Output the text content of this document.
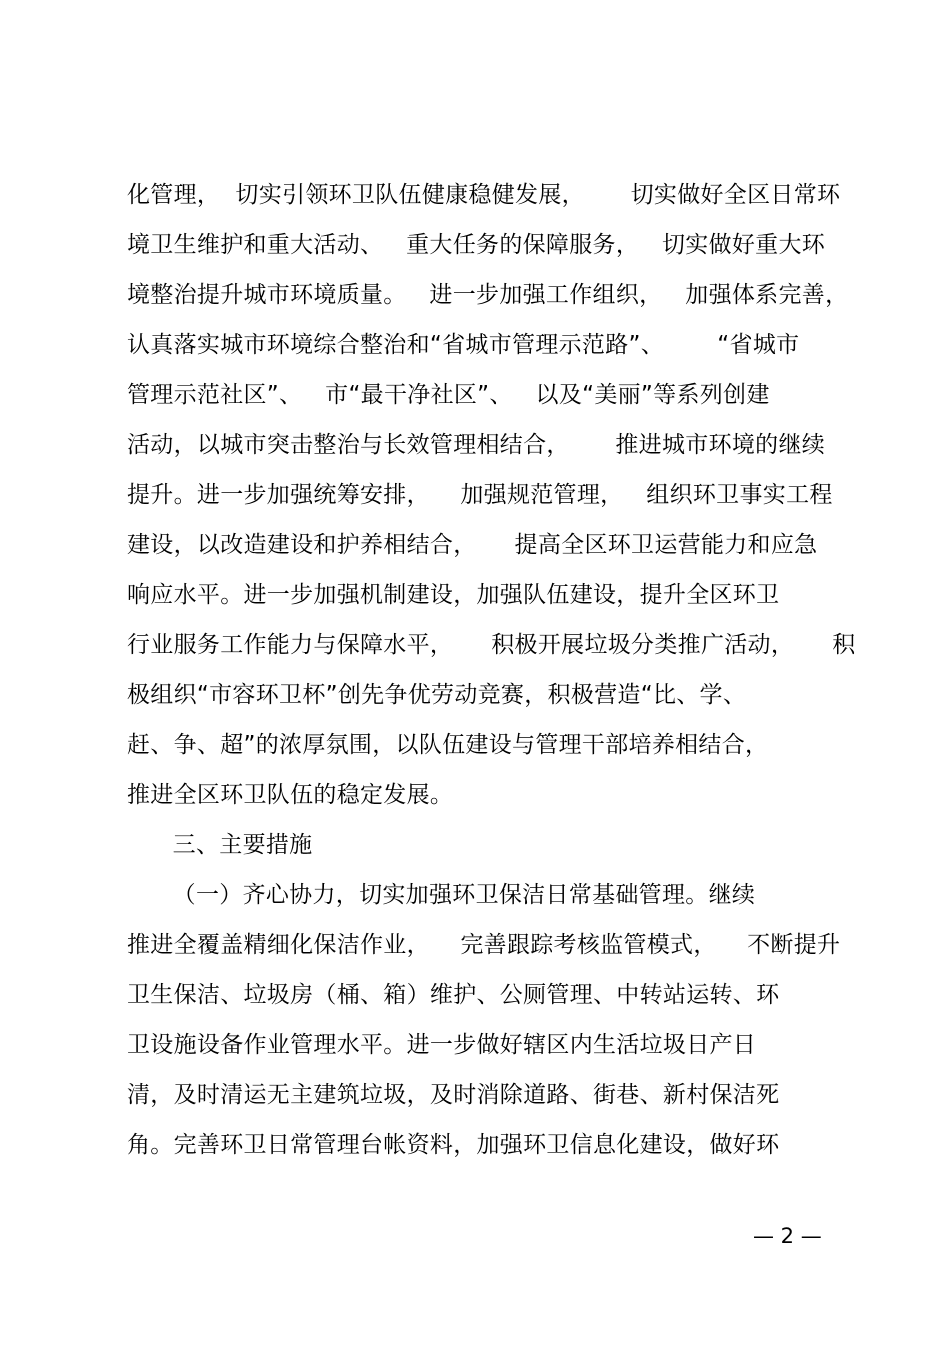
化管理，  切实引领环卫队伍健康稳健发展，      切实做好全区日常环
境卫生维护和重大活动、   重大任务的保障服务，   切实做好重大环
境整治提升城市环境质量。   进一步加强工作组织，   加强体系完善，
认真落实城市环境综合整治和“省城市管理示范路”、       “省城市
管理示范社区”、   市“最干净社区”、   以及“美丽”等系列创建
活动，以城市突击整治与长效管理相结合，      推进城市环境的继续
提升。进一步加强统筹安排，    加强规范管理，   组织环卫事实工程
建设，以改造建设和护养相结合，     提高全区环卫运营能力和应急
响应水平。进一步加强机制建设，加强队伍建设，提升全区环卫
行业服务工作能力与保障水平，     积极开展垃圾分类推广活动，     积
极组织“市容环卫杯”创先争优劳动竞赛，积极营造“比、学、
赶、争、超”的浓厚氛围，以队伍建设与管理干部培养相结合，
推进全区环卫队伍的稳定发展。
三、主要措施
（一）齐心协力，切实加强环卫保洁日常基础管理。继续
推进全覆盖精细化保洁作业，    完善跟踪考核监管模式，    不断提升
卫生保洁、垃圾房（桶、箱）维护、公厕管理、中转站运转、环
卫设施设备作业管理水平。进一步做好辖区内生活垃圾日产日
清，及时清运无主建筑垃圾，及时消除道路、街巷、新村保洁死
角。完善环卫日常管理台帐资料，加强环卫信息化建设，做好环
— 2 —
